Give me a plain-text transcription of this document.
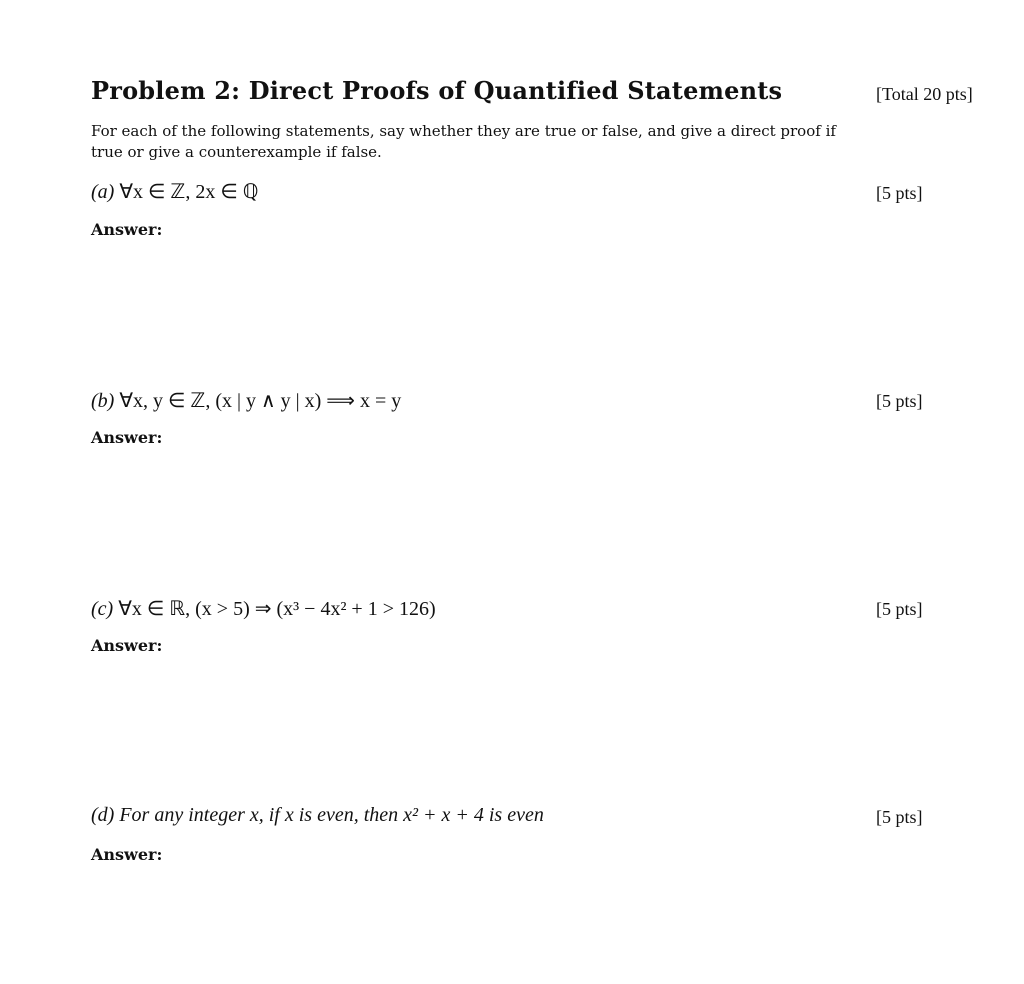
Problem 2: Direct Proofs of Quantified Statements	[Total 20 pts]

For each of the following statements, say whether they are true or false, and give a direct proof if

true or give a counterexample if false.

(a) ∀x ∈ ℤ, 2x ∈ ℚ	[5 pts]
Answer:
(b) ∀x, y ∈ ℤ, (x | y ∧ y | x) ⟹ x = y	[5 pts]
Answer:
(c) ∀x ∈ ℝ, (x > 5) ⇒ (x³ − 4x² + 1 > 126)	[5 pts]
Answer:
(d) For any integer x, if x is even, then x² + x + 4 is even	[5 pts]
Answer:
